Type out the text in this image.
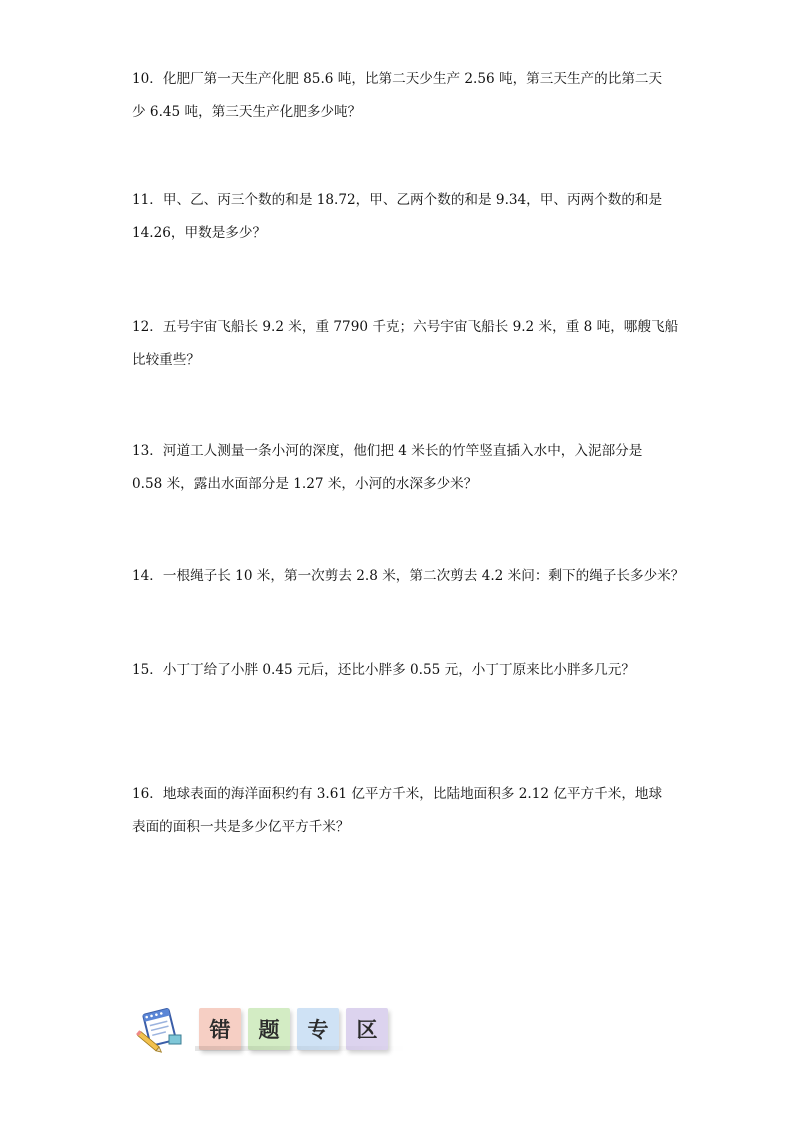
10．化肥厂第一天生产化肥 85.6 吨，比第二天少生产 2.56 吨，第三天生产的比第二天
少 6.45 吨，第三天生产化肥多少吨？
11．甲、乙、丙三个数的和是 18.72，甲、乙两个数的和是 9.34，甲、丙两个数的和是
14.26，甲数是多少？
12．五号宇宙飞船长 9.2 米，重 7790 千克；六号宇宙飞船长 9.2 米，重 8 吨，哪艘飞船
比较重些？
13．河道工人测量一条小河的深度，他们把 4 米长的竹竿竖直插入水中，入泥部分是
0.58 米，露出水面部分是 1.27 米，小河的水深多少米？
14．一根绳子长 10 米，第一次剪去 2.8 米，第二次剪去 4.2 米问：剩下的绳子长多少米？
15．小丁丁给了小胖 0.45 元后，还比小胖多 0.55 元，小丁丁原来比小胖多几元？
16．地球表面的海洋面积约有 3.61 亿平方千米，比陆地面积多 2.12 亿平方千米，地球
表面的面积一共是多少亿平方千米？
错 题 专 区
